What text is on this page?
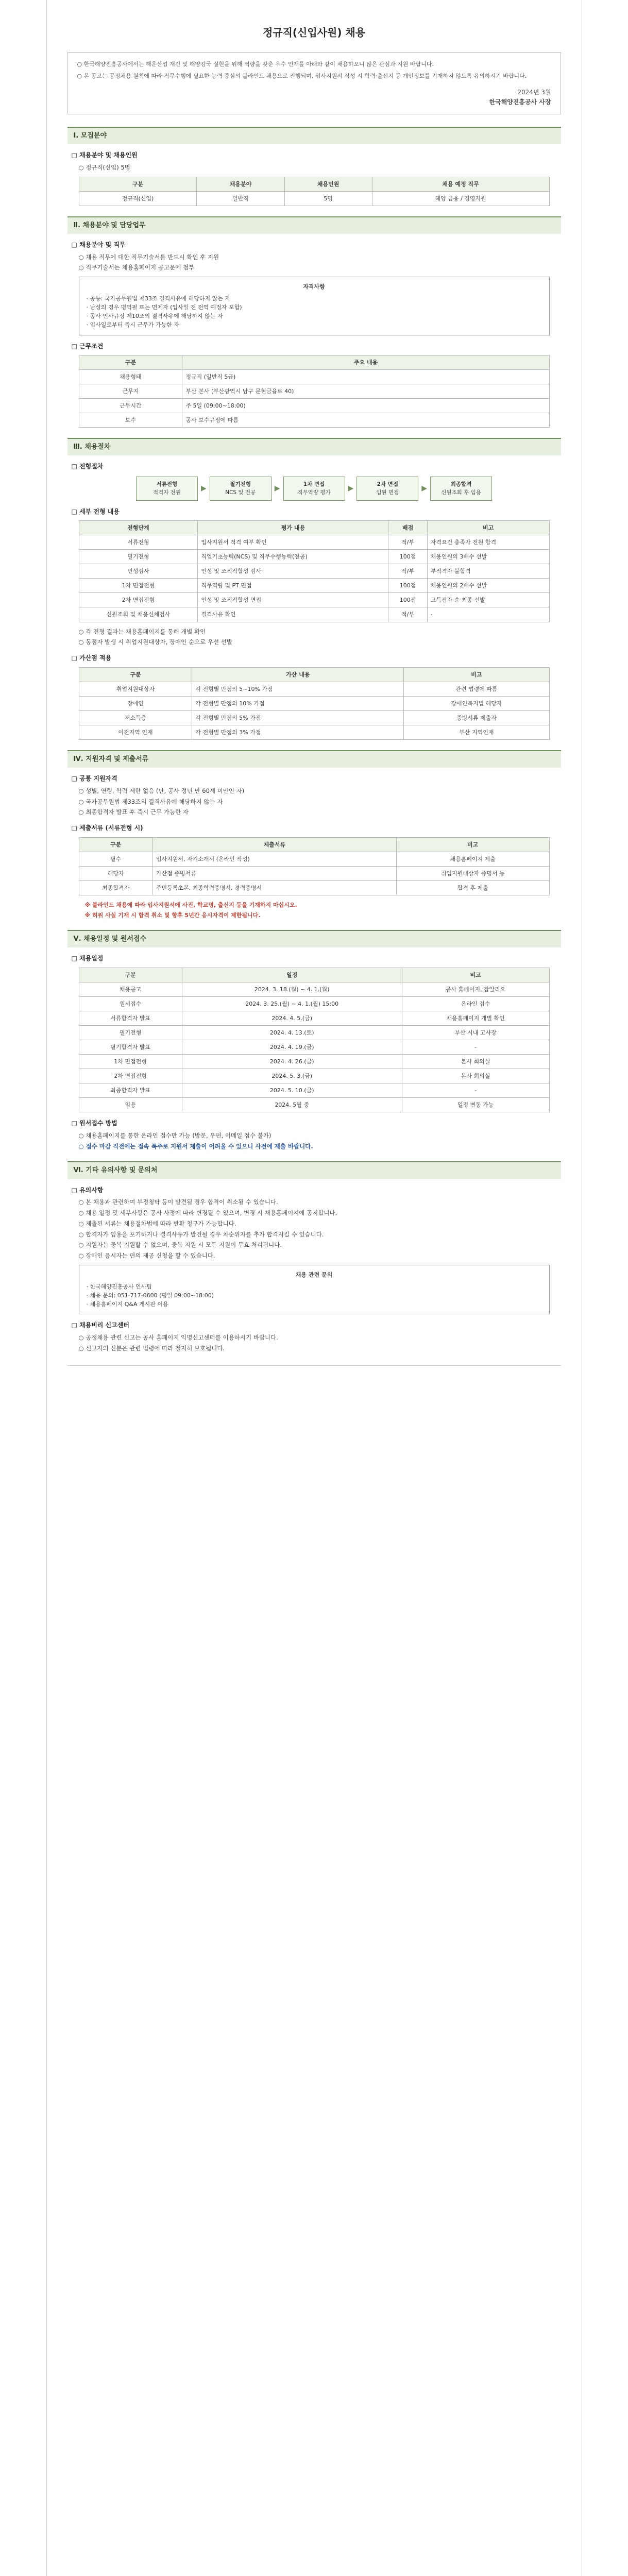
정규직(신입사원) 채용

○ 한국해양진흥공사에서는 해운산업 재건 및 해양강국 실현을 위해 역량을 갖춘 우수 인재를 아래와 같이 채용하오니 많은 관심과 지원 바랍니다.

○ 본 공고는 공정채용 원칙에 따라 직무수행에 필요한 능력 중심의 블라인드 채용으로 진행되며, 입사지원서 작성 시 학력·출신지 등 개인정보를 기재하지 않도록 유의하시기 바랍니다.

2024년 3월
한국해양진흥공사 사장
Ⅰ. 모집분야
□ 채용분야 및 채용인원
○ 정규직(신입) 5명
구분	채용분야	채용인원	채용 예정 직무
정규직(신입)	일반직	5명	해양 금융 / 경영지원
Ⅱ. 채용분야 및 담당업무
□ 채용분야 및 직무
○ 채용 직무에 대한 직무기술서를 반드시 확인 후 지원
○ 직무기술서는 채용홈페이지 공고문에 첨부
자격사항
· 공통: 국가공무원법 제33조 결격사유에 해당하지 않는 자
· 남성의 경우 병역필 또는 면제자 (입사일 전 전역 예정자 포함)
· 공사 인사규정 제10조의 결격사유에 해당하지 않는 자
· 입사일로부터 즉시 근무가 가능한 자
□ 근무조건
구분	주요 내용
채용형태	정규직 (일반직 5급)
근무지	부산 본사 (부산광역시 남구 문현금융로 40)
근무시간	주 5일 (09:00~18:00)
보수	공사 보수규정에 따름
Ⅲ. 채용절차
□ 전형절차
서류전형
적격자 전원
▶	필기전형
NCS 및 전공
▶	1차 면접
직무역량 평가
▶	2차 면접
임원 면접
▶	최종합격
신원조회 후 임용
□ 세부 전형 내용
전형단계	평가 내용	배점	비고
서류전형	입사지원서 적격 여부 확인	적/부	자격요건 충족자 전원 합격
필기전형	직업기초능력(NCS) 및 직무수행능력(전공)	100점	채용인원의 3배수 선발
인성검사	인성 및 조직적합성 검사	적/부	부적격자 불합격
1차 면접전형	직무역량 및 PT 면접	100점	채용인원의 2배수 선발
2차 면접전형	인성 및 조직적합성 면접	100점	고득점자 순 최종 선발
신원조회 및 채용신체검사	결격사유 확인	적/부	-
○ 각 전형 결과는 채용홈페이지를 통해 개별 확인
○ 동점자 발생 시 취업지원대상자, 장애인 순으로 우선 선발
□ 가산점 적용
구분	가산 내용	비고
취업지원대상자	각 전형별 만점의 5~10% 가점	관련 법령에 따름
장애인	각 전형별 만점의 10% 가점	장애인복지법 해당자
저소득층	각 전형별 만점의 5% 가점	증빙서류 제출자
이전지역 인재	각 전형별 만점의 3% 가점	부산 지역인재
Ⅳ. 지원자격 및 제출서류
□ 공통 지원자격
○ 성별, 연령, 학력 제한 없음 (단, 공사 정년 만 60세 미만인 자)
○ 국가공무원법 제33조의 결격사유에 해당하지 않는 자
○ 최종합격자 발표 후 즉시 근무 가능한 자
□ 제출서류 (서류전형 시)
구분	제출서류	비고
필수	입사지원서, 자기소개서 (온라인 작성)	채용홈페이지 제출
해당자	가산점 증빙서류	취업지원대상자 증명서 등
최종합격자	주민등록초본, 최종학력증명서, 경력증명서	합격 후 제출
※ 블라인드 채용에 따라 입사지원서에 사진, 학교명, 출신지 등을 기재하지 마십시오.
※ 허위 사실 기재 시 합격 취소 및 향후 5년간 응시자격이 제한됩니다.
Ⅴ. 채용일정 및 원서접수
□ 채용일정
구분	일정	비고
채용공고	2024. 3. 18.(월) ~ 4. 1.(월)	공사 홈페이지, 잡알리오
원서접수	2024. 3. 25.(월) ~ 4. 1.(월) 15:00	온라인 접수
서류합격자 발표	2024. 4. 5.(금)	채용홈페이지 개별 확인
필기전형	2024. 4. 13.(토)	부산 시내 고사장
필기합격자 발표	2024. 4. 19.(금)	-
1차 면접전형	2024. 4. 26.(금)	본사 회의실
2차 면접전형	2024. 5. 3.(금)	본사 회의실
최종합격자 발표	2024. 5. 10.(금)	-
임용	2024. 5월 중	일정 변동 가능
□ 원서접수 방법
○ 채용홈페이지를 통한 온라인 접수만 가능 (방문, 우편, 이메일 접수 불가)
○ 접수 마감 직전에는 접속 폭주로 지원서 제출이 어려울 수 있으니 사전에 제출 바랍니다.
Ⅵ. 기타 유의사항 및 문의처
□ 유의사항
○ 본 채용과 관련하여 부정청탁 등이 발견될 경우 합격이 취소될 수 있습니다.
○ 채용 일정 및 세부사항은 공사 사정에 따라 변경될 수 있으며, 변경 시 채용홈페이지에 공지합니다.
○ 제출된 서류는 채용절차법에 따라 반환 청구가 가능합니다.
○ 합격자가 임용을 포기하거나 결격사유가 발견될 경우 차순위자를 추가 합격시킬 수 있습니다.
○ 지원자는 중복 지원할 수 없으며, 중복 지원 시 모든 지원이 무효 처리됩니다.
○ 장애인 응시자는 편의 제공 신청을 할 수 있습니다.
채용 관련 문의
· 한국해양진흥공사 인사팀
· 채용 문의: 051-717-0600 (평일 09:00~18:00)
· 채용홈페이지 Q&A 게시판 이용
□ 채용비리 신고센터
○ 공정채용 관련 신고는 공사 홈페이지 익명신고센터를 이용하시기 바랍니다.
○ 신고자의 신분은 관련 법령에 따라 철저히 보호됩니다.
